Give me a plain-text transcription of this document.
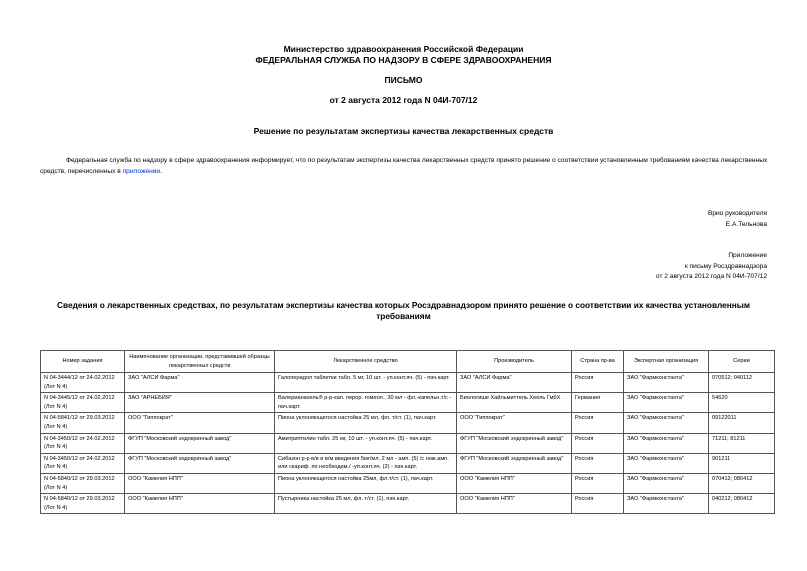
Министерство здравоохранения Российской Федерации
ФЕДЕРАЛЬНАЯ СЛУЖБА ПО НАДЗОРУ В СФЕРЕ ЗДРАВООХРАНЕНИЯ
ПИСЬМО
от 2 августа 2012 года N 04И-707/12
Решение по результатам экспертизы качества лекарственных средств
Федеральная служба по надзору в сфере здравоохранения информирует, что по результатам экспертизы качества лекарственных средств принято решение о соответствии установленным требованиям качества лекарственных средств, перечисленных в приложении.
Врио руководителя
Е.А.Тельнова
Приложение
к письму Росздравнадзора
от 2 августа 2012 года N 04И-707/12
Сведения о лекарственных средствах, по результатам экспертизы качества которых Росздравнадзором принято решение о соответствии их качества установленным требованиям
Номер задания	Наименование организации, представившей образцы лекарственных средств	Лекарственное средство	Производитель	Страна пр-ва	Экспертная организация	Серии
N 04-3444/12 от 24.02.2012 (Лот N 4)	ЗАО "АЛСИ Фарма"	Галоперидол таблетки табл. 5 мг, 10 шт. - уп.конт.яч. (5) - пач.карт.	ЗАО "АЛСИ Фарма"	Россия	ЗАО "Фармконстанта"	070512; 040112
N 04-3445/12 от 24.02.2012 (Лот N 4)	ЗАО "АРНЕБИЯ"	Валерианахель® р-р-кап. пероp. гомеоп., 30 мл - фл.-капельн.т/с - пач.карт.	Биологише Хайльмиттель Хеель ГмбХ	Германия	ЗАО "Фармконстанта"	54620
N 04-5841/12 от 29.03.2012 (Лот N 4)	ООО "Гиппократ"	Пиона уклоняющегося настойка 25 мл, фл. т/ст. (1), пач.карт.	ООО "Гиппократ"	Россия	ЗАО "Фармконстанта"	09122011
N 04-3450/12 от 24.02.2012 (Лот N 4)	ФГУП "Московский эндокринный завод"	Амитриптилин табл. 25 мг, 10 шт. - уп.конт.яч. (5) - пач.карт.	ФГУП "Московский эндокринный завод"	Россия	ЗАО "Фармконстанта"	71211; 81211
N 04-3450/12 от 24.02.2012 (Лот N 4)	ФГУП "Московский эндокринный завод"	Сибазон р-р в/в и в/м введения 5мг/мл, 2 мл - амп. (5) /с нож.амп. или скариф. по необходим./ -уп.конт.яч. (2) - пач.карт.	ФГУП "Московский эндокринный завод"	Россия	ЗАО "Фармконстанта"	901211
N 04-5840/12 от 29.03.2012 (Лот N 4)	ООО "Камелия НПП"	Пиона уклоняющегося настойка 25мл, фл.т/ст. (1), пач.карт.	ООО "Камелия НПП"	Россия	ЗАО "Фармконстанта"	070412; 080412
N 04-5840/12 от 29.03.2012 (Лот N 4)	ООО "Камелия НПП"	Пустырника настойка 25 мл, фл. т/ст. (1), пач.карт.	ООО "Камелия НПП"	Россия	ЗАО "Фармконстанта"	040212; 080412
